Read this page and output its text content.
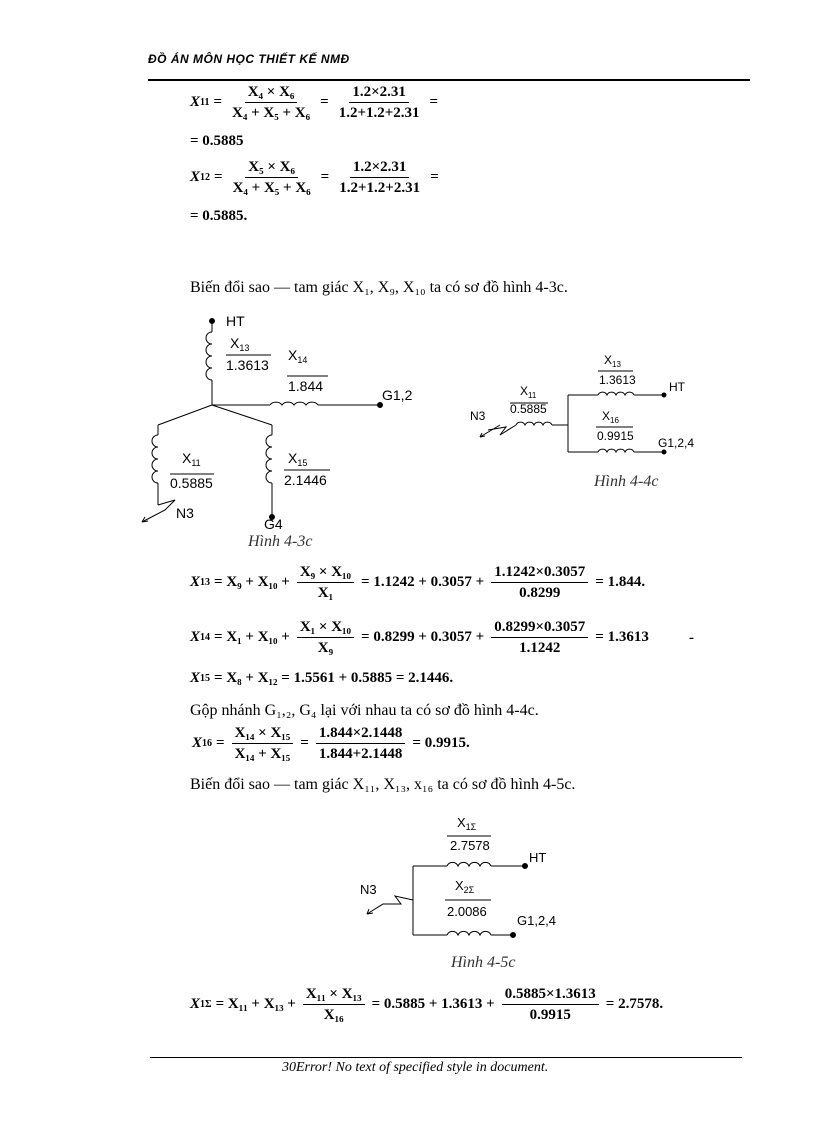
ĐỒ ÁN MÔN HỌC THIẾT KẾ NMĐ
X $11 = \frac{\text{X₄ × X₆}}{\text{X₄ + X₅ + X₆}} = \frac{1.2\times 2.31}{1.2+1.2+2.31}$ =
= 0.5885
X $12 = \frac{\text{X₅ × X₆}}{\text{X₄ + X₅ + X₆}} = \frac{1.2\times 2.31}{1.2+1.2+2.31}$ =
= 0.5885.
Biến đổi sao — tam giác X₁, X₉, X₁₀ ta có sơ đồ hình 4-3c.
HT
$X_{13}$
1.3613
$X_{14}$
1.844
G1,2
$X_{11}$
0.5885
N3
$X_{15}$
2.1446
G4
Hình 4-3c
$X_{13}$
1.3613	HT
$X_{11}$
0.5885
N3	$X_{16}$
0.9915 G1,2,4
Hình 4-4c
X $13 = X_9 + X_{10} + \frac{\text{X₉ × X₁₀}}{\text{X₁}} = 1.1242 + 0.3057 + \frac{1.1242\times 0.3057}{0.8299} = 1.844$.
X $14 = X_1 + X_{10} + \frac{\text{X₁ × X₁₀}}{\text{X₉}} = 0.8299 + 0.3057 + \frac{0.8299\times 0.3057}{1.1242} = 1.3613$	-
X 15 = X₈ + X₁₂ = 1.5561 + 0.5885 = 2.1446.
Gộp nhánh G₁,₂, G₄ lại với nhau ta có sơ đồ hình 4-4c.
X $16 = \frac{\text{X₁₄ × X₁₅}}{\text{X₁₄ + X₁₅}} = \frac{1.844\times 2.1448}{1.844+2.1448} = 0.9915$.
Biến đổi sao — tam giác X₁₁, X₁₃, x₁₆ ta có sơ đồ hình 4-5c.
$X_{1\Sigma}$
2.7578
HT
N3	$X_{2\Sigma}$
2.0086
G1,2,4
Hình 4-5c
X $1\Sigma = X_{11} + X_{13} + \frac{\text{X₁₁ × X₁₃}}{\text{X₁₆}} = 0.5885 + 1.3613 + \frac{0.5885\times 1.3613}{0.9915} = 2.7578$.
30Error! No text of specified style in document.
